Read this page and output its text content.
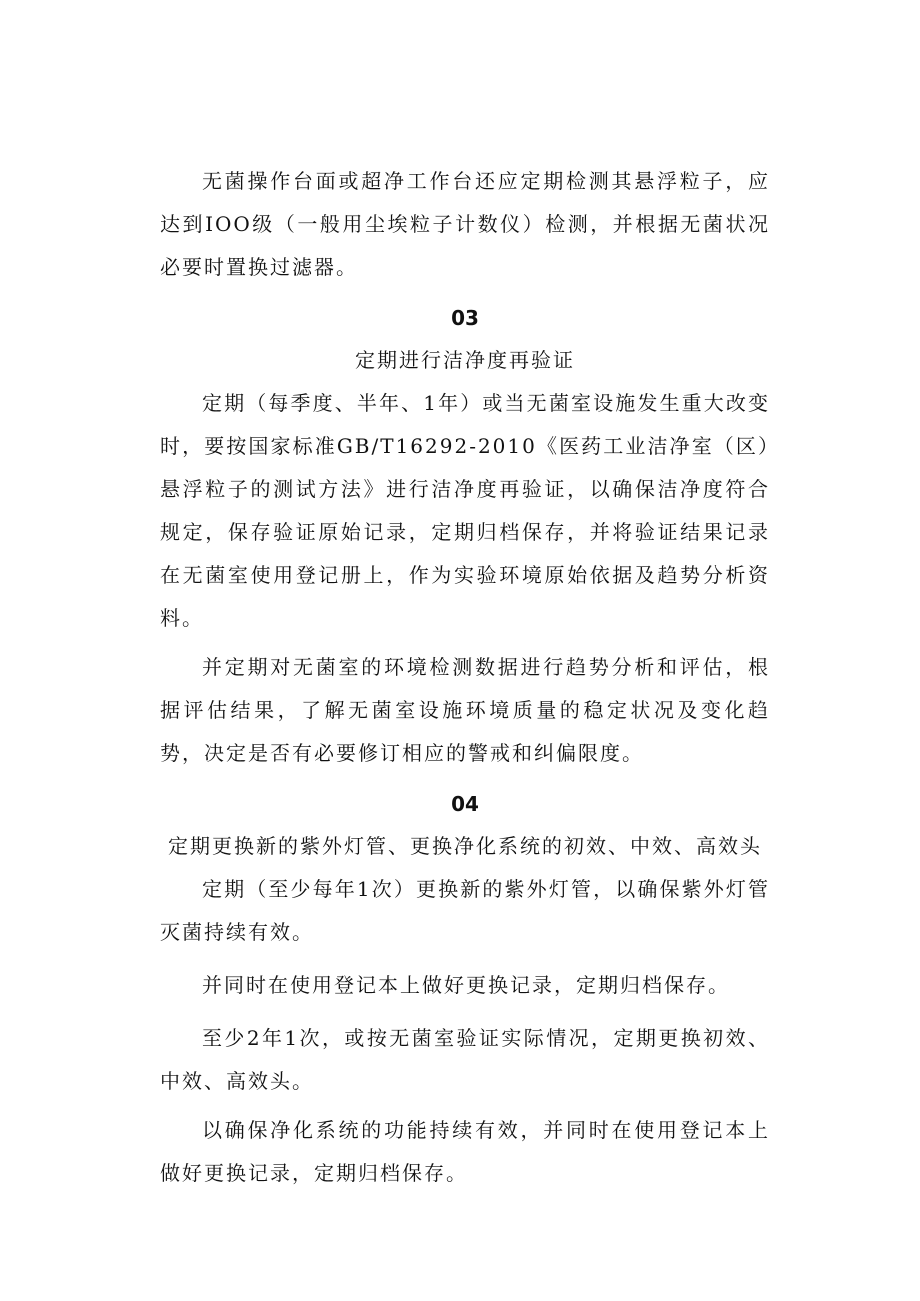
无菌操作台面或超净工作台还应定期检测其悬浮粒子，应达到IOO级（一般用尘埃粒子计数仪）检测，并根据无菌状况必要时置换过滤器。

03
定期进行洁净度再验证

定期（每季度、半年、1年）或当无菌室设施发生重大改变时，要按国家标准GB/T16292-2010《医药工业洁净室（区）悬浮粒子的测试方法》进行洁净度再验证，以确保洁净度符合规定，保存验证原始记录，定期归档保存，并将验证结果记录在无菌室使用登记册上，作为实验环境原始依据及趋势分析资料。

并定期对无菌室的环境检测数据进行趋势分析和评估，根据评估结果，了解无菌室设施环境质量的稳定状况及变化趋势，决定是否有必要修订相应的警戒和纠偏限度。

04
定期更换新的紫外灯管、更换净化系统的初效、中效、高效头

定期（至少每年1次）更换新的紫外灯管，以确保紫外灯管灭菌持续有效。

并同时在使用登记本上做好更换记录，定期归档保存。

至少2年1次，或按无菌室验证实际情况，定期更换初效、中效、高效头。

以确保净化系统的功能持续有效，并同时在使用登记本上做好更换记录，定期归档保存。
